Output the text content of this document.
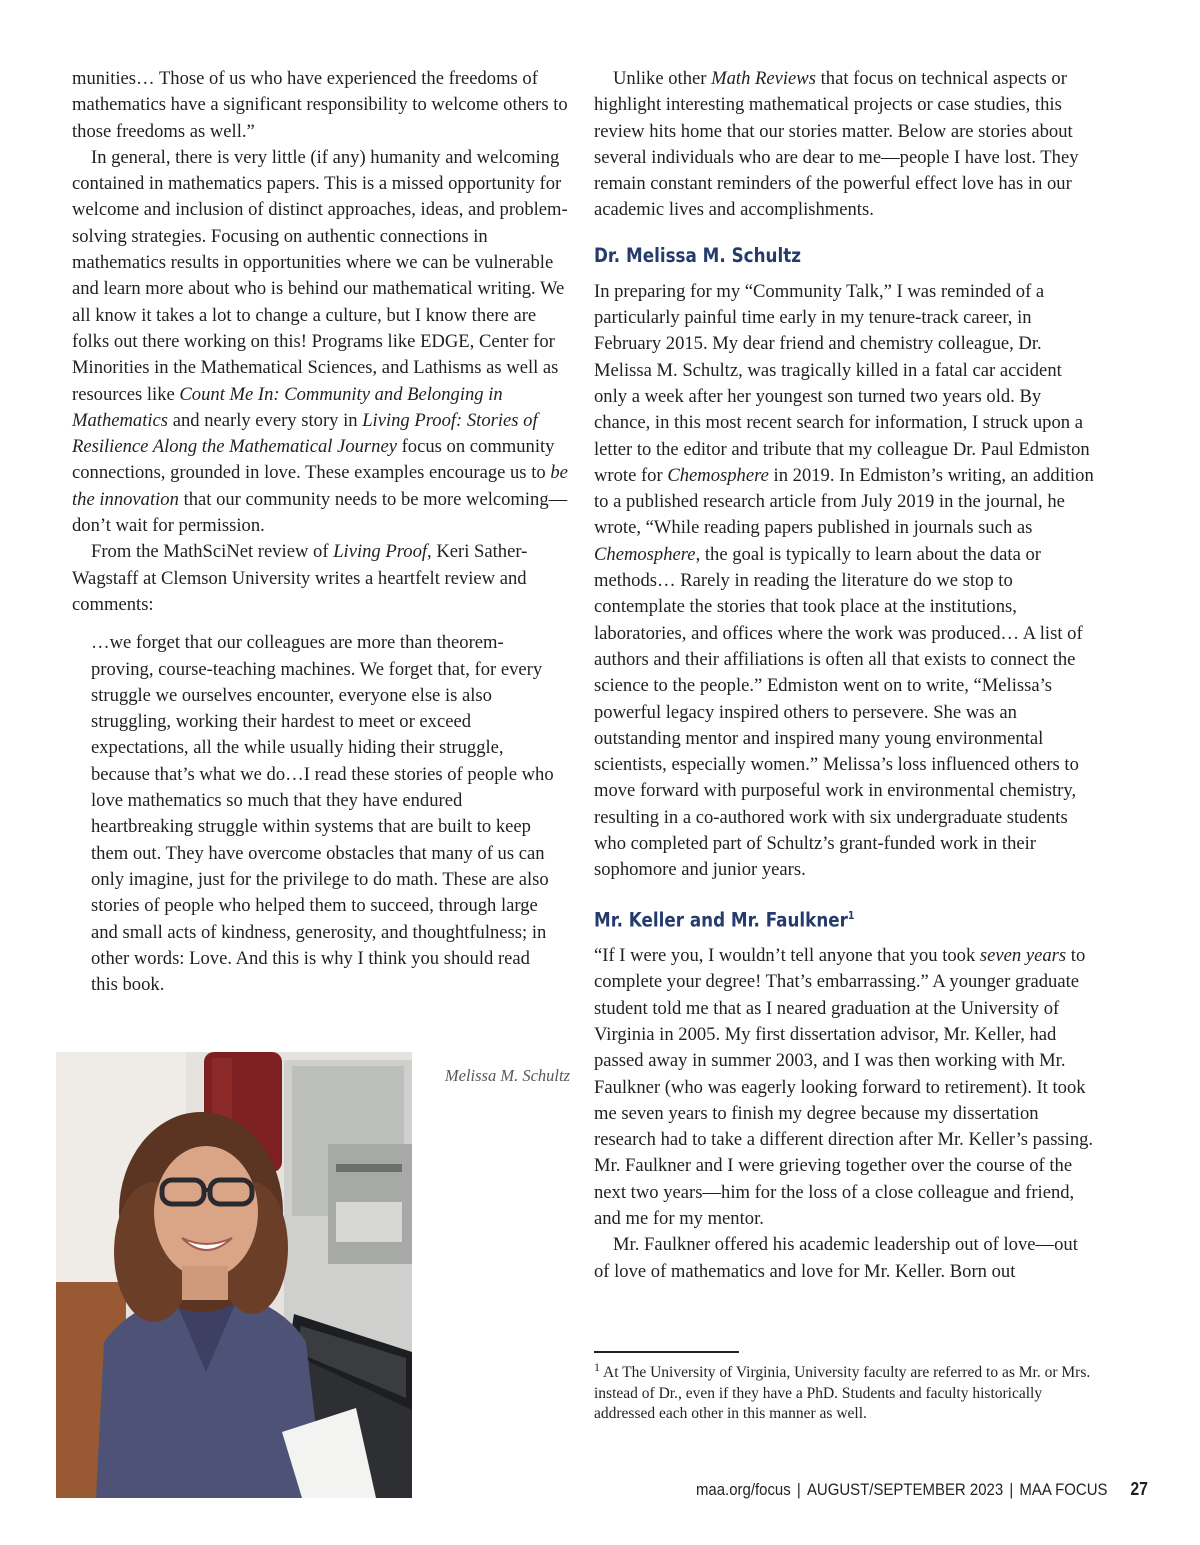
munities… Those of us who have experienced the freedoms of mathematics have a significant responsibility to welcome others to those freedoms as well.”

In general, there is very little (if any) humanity and welcoming contained in mathematics papers. This is a missed opportunity for welcome and inclusion of distinct approaches, ideas, and problem-solving strategies. Focusing on authentic connections in mathematics results in opportunities where we can be vulnerable and learn more about who is behind our mathematical writing. We all know it takes a lot to change a culture, but I know there are folks out there working on this! Programs like EDGE, Center for Minorities in the Mathematical Sciences, and Lathisms as well as resources like Count Me In: Community and Belonging in Mathematics and nearly every story in Living Proof: Stories of Resilience Along the Mathematical Journey focus on community connections, grounded in love. These examples encourage us to be the innovation that our community needs to be more welcoming—don’t wait for permission.

From the MathSciNet review of Living Proof, Keri Sather-Wagstaff at Clemson University writes a heartfelt review and comments:

…we forget that our colleagues are more than theorem-proving, course-teaching machines. We forget that, for every struggle we ourselves encounter, everyone else is also struggling, working their hardest to meet or exceed expectations, all the while usually hiding their struggle, because that’s what we do…I read these stories of people who love mathematics so much that they have endured heartbreaking struggle within systems that are built to keep them out. They have overcome obstacles that many of us can only imagine, just for the privilege to do math. These are also stories of people who helped them to succeed, through large and small acts of kindness, generosity, and thoughtfulness; in other words: Love. And this is why I think you should read this book.

Melissa M. Schultz

Unlike other Math Reviews that focus on technical aspects or highlight interesting mathematical projects or case studies, this review hits home that our stories matter. Below are stories about several individuals who are dear to me—people I have lost. They remain constant reminders of the powerful effect love has in our academic lives and accomplishments.

Dr. Melissa M. Schultz

In preparing for my “Community Talk,” I was reminded of a particularly painful time early in my tenure-track career, in February 2015. My dear friend and chemistry colleague, Dr. Melissa M. Schultz, was tragically killed in a fatal car accident only a week after her youngest son turned two years old. By chance, in this most recent search for information, I struck upon a letter to the editor and tribute that my colleague Dr. Paul Edmiston wrote for Chemosphere in 2019. In Edmiston’s writing, an addition to a published research article from July 2019 in the journal, he wrote, “While reading papers published in journals such as Chemosphere, the goal is typically to learn about the data or methods… Rarely in reading the literature do we stop to contemplate the stories that took place at the institutions, laboratories, and offices where the work was produced… A list of authors and their affiliations is often all that exists to connect the science to the people.” Edmiston went on to write, “Melissa’s powerful legacy inspired others to persevere. She was an outstanding mentor and inspired many young environmental scientists, especially women.” Melissa’s loss influenced others to move forward with purposeful work in environmental chemistry, resulting in a co-authored work with six undergraduate students who completed part of Schultz’s grant-funded work in their sophomore and junior years.

Mr. Keller and Mr. Faulkner$^1$

“If I were you, I wouldn’t tell anyone that you took seven years to complete your degree! That’s embarrassing.” A younger graduate student told me that as I neared graduation at the University of Virginia in 2005. My first dissertation advisor, Mr. Keller, had passed away in summer 2003, and I was then working with Mr. Faulkner (who was eagerly looking forward to retirement). It took me seven years to finish my degree because my dissertation research had to take a different direction after Mr. Keller’s passing. Mr. Faulkner and I were grieving together over the course of the next two years—him for the loss of a close colleague and friend, and me for my mentor.

Mr. Faulkner offered his academic leadership out of love—out of love of mathematics and love for Mr. Keller. Born out

$^1$ At The University of Virginia, University faculty are referred to as Mr. or Mrs. instead of Dr., even if they have a PhD. Students and faculty historically addressed each other in this manner as well.
maa.org/focus | AUGUST/SEPTEMBER 2023 | MAA FOCUS 27
